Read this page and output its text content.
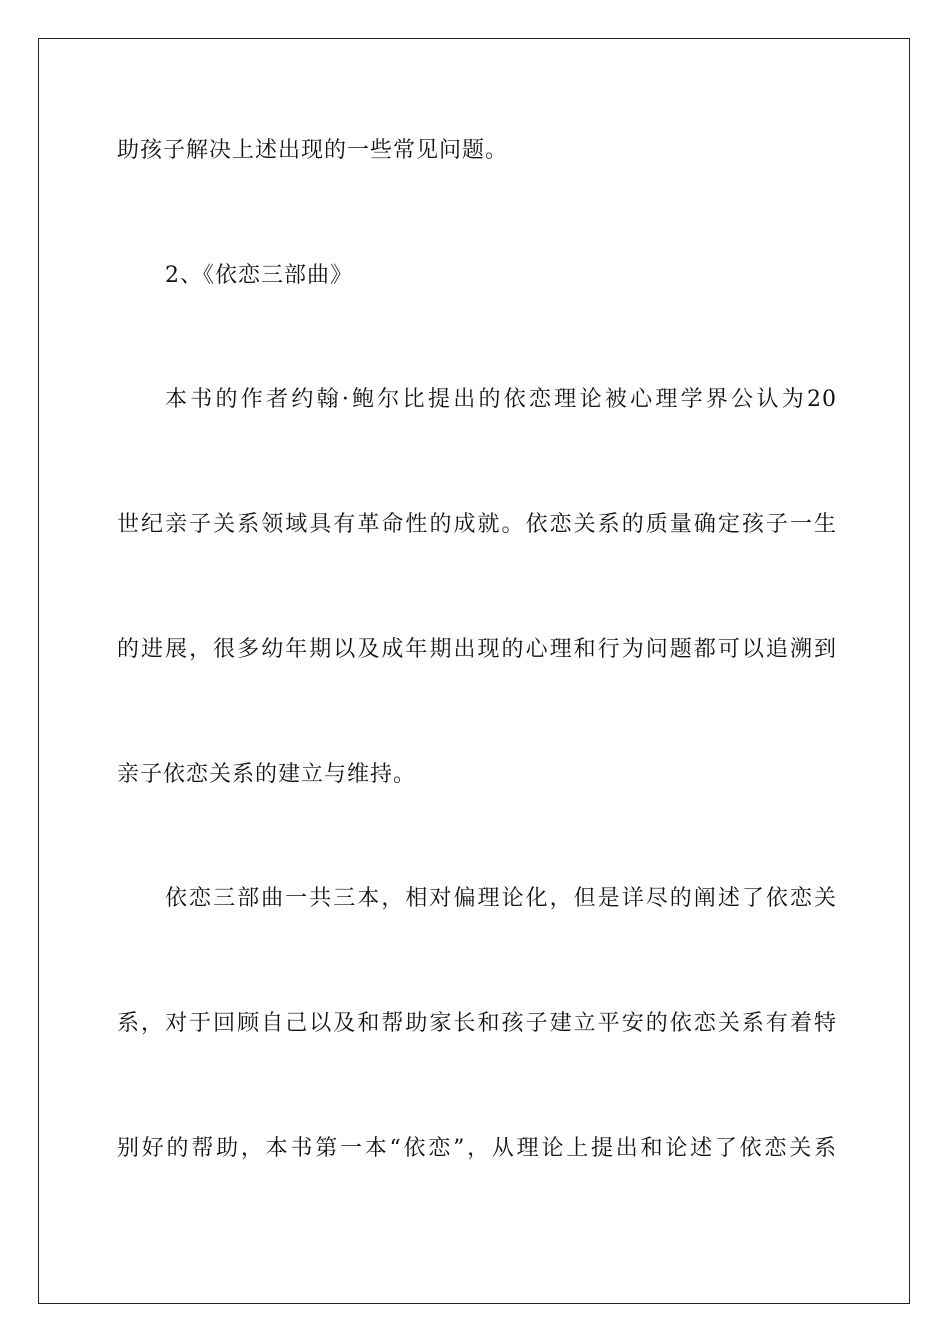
助孩子解决上述出现的一些常见问题。
2、《依恋三部曲》
本书的作者约翰·鲍尔比提出的依恋理论被心理学界公认为20
世纪亲子关系领域具有革命性的成就。依恋关系的质量确定孩子一生
的进展，很多幼年期以及成年期出现的心理和行为问题都可以追溯到
亲子依恋关系的建立与维持。
依恋三部曲一共三本，相对偏理论化，但是详尽的阐述了依恋关
系，对于回顾自己以及和帮助家长和孩子建立平安的依恋关系有着特
别好的帮助，本书第一本“依恋”，从理论上提出和论述了依恋关系
